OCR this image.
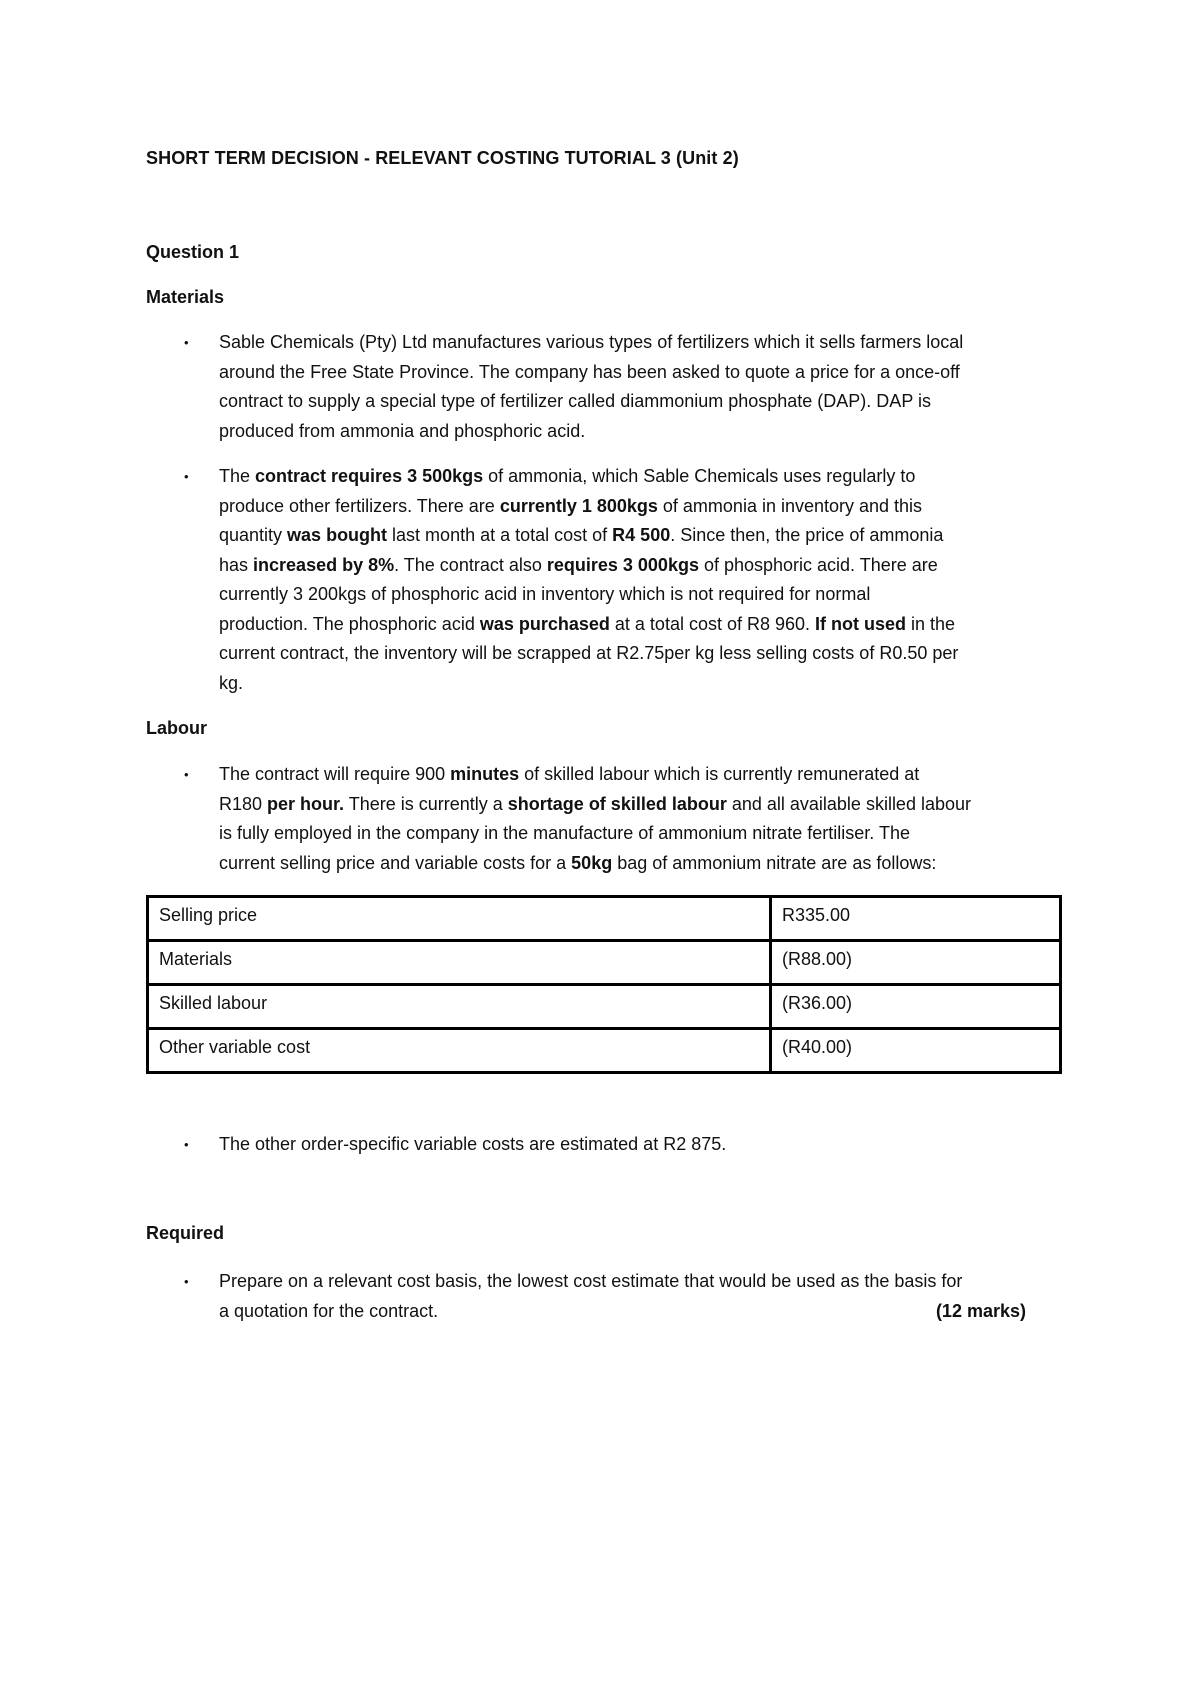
SHORT TERM DECISION - RELEVANT COSTING TUTORIAL 3 (Unit 2)
Question 1
Materials
• Sable Chemicals (Pty) Ltd manufactures various types of fertilizers which it sells farmers local
around the Free State Province. The company has been asked to quote a price for a once-off
contract to supply a special type of fertilizer called diammonium phosphate (DAP). DAP is
produced from ammonia and phosphoric acid.
• The contract requires 3 500kgs of ammonia, which Sable Chemicals uses regularly to
produce other fertilizers. There are currently 1 800kgs of ammonia in inventory and this
quantity was bought last month at a total cost of R4 500. Since then, the price of ammonia
has increased by 8%. The contract also requires 3 000kgs of phosphoric acid. There are
currently 3 200kgs of phosphoric acid in inventory which is not required for normal
production. The phosphoric acid was purchased at a total cost of R8 960. If not used in the
current contract, the inventory will be scrapped at R2.75per kg less selling costs of R0.50 per
kg.
Labour
• The contract will require 900 minutes of skilled labour which is currently remunerated at
R180 per hour. There is currently a shortage of skilled labour and all available skilled labour
is fully employed in the company in the manufacture of ammonium nitrate fertiliser. The
current selling price and variable costs for a 50kg bag of ammonium nitrate are as follows:
Selling price	R335.00
Materials	(R88.00)
Skilled labour	(R36.00)
Other variable cost	(R40.00)
• The other order-specific variable costs are estimated at R2 875.
Required
• Prepare on a relevant cost basis, the lowest cost estimate that would be used as the basis for
a quotation for the contract.	(12 marks)
